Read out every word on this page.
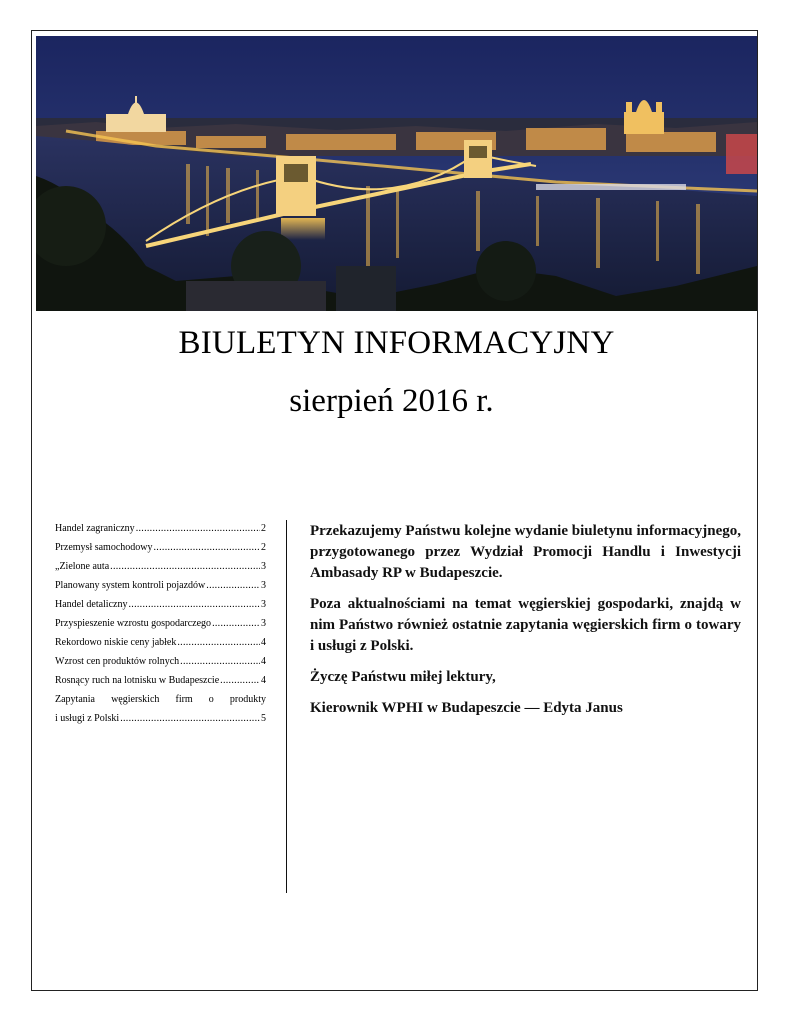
BIULETYN INFORMACYJNY
sierpień 2016 r.
Handel zagraniczny .....	2
Przemysł samochodowy .....	2
„Zielone auta .....	3
Planowany system kontroli pojazdów .....	3
Handel detaliczny .....	3
Przyspieszenie wzrostu gospodarczego .....	3
Rekordowo niskie ceny jabłek .....	4
Wzrost cen produktów rolnych .....	4
Rosnący ruch na lotnisku w Budapeszcie .....	4
Zapytania węgierskich firm o produkty
i usługi z Polski .....	5

Przekazujemy Państwu kolejne wydanie biuletynu informacyjnego, przygotowanego przez Wydział Promocji Handlu i Inwestycji Ambasady RP w Budapeszcie.

Poza aktualnościami na temat węgierskiej gospodarki, znajdą w nim Państwo również ostatnie zapytania węgierskich firm o towary i usługi z Polski.

Życzę Państwu miłej lektury,

Kierownik WPHI w Budapeszcie — Edyta Janus
